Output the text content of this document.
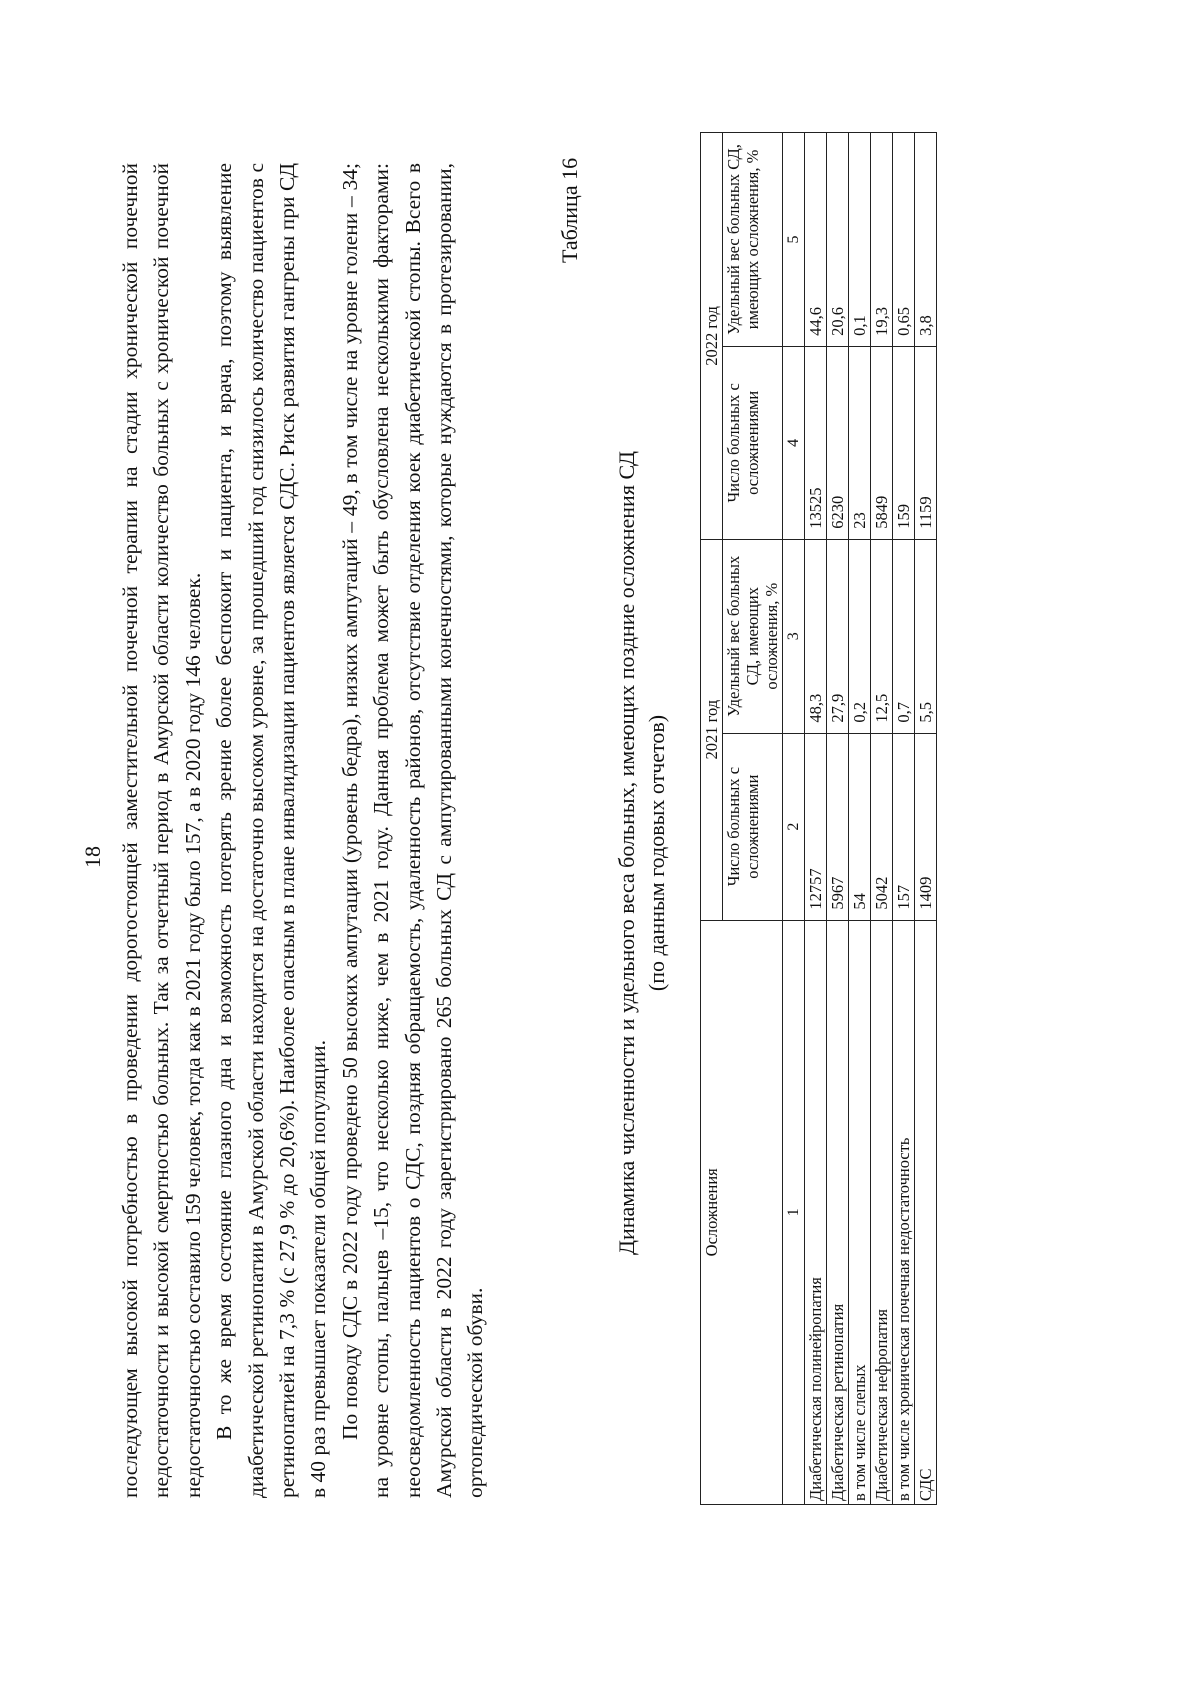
18 последующем высокой потребностью в проведении дорогостоящей заместительной почечной терапии на стадии хронической почечной недостаточности и высокой смертностью больных. Так за отчетный период в Амурской области количество больных с хронической почечной недостаточностью составило 159 человек, тогда как в 2021 году было 157, а в 2020 году 146 человек. В то же время состояние глазного дна и возможность потерять зрение более беспокоит и пациента, и врача, поэтому выявление диабетической ретинопатии в Амурской области находится на достаточно высоком уровне, за прошедший год снизилось количество пациентов с ретинопатией на 7,3 % (с 27,9 % до 20,6%). Наиболее опасным в плане инвалидизации пациентов является СДС. Риск развития гангрены при СД в 40 раз превышает показатели общей популяции. По поводу СДС в 2022 году проведено 50 высоких ампутации (уровень бедра), низких ампутаций – 49, в том числе на уровне голени – 34; на уровне стопы, пальцев –15, что несколько ниже, чем в 2021 году. Данная проблема может быть обусловлена несколькими факторами: неосведомленность пациентов о СДС, поздняя обращаемость, удаленность районов, отсутствие отделения коек диабетической стопы. Всего в Амурской области в 2022 году зарегистрировано 265 больных СД с ампутированными конечностями, которые нуждаются в протезировании, ортопедической обуви.

Таблица 16
Динамика численности и удельного веса больных, имеющих поздние осложнения СД (по данным годовых отчетов)
Осложнения	2021 год		2022 год	
	Число больных с осложнениями	Удельный вес больных СД, имеющих осложнения, %	Число больных с осложнениями	Удельный вес больных СД, имеющих осложнения, %
1	2	3	4	5
Диабетическая полинейропатия	12757	48,3	13525	44,6
Диабетическая ретинопатия	5967	27,9	6230	20,6
в том числе слепых	54	0,2	23	0,1
Диабетическая нефропатия	5042	12,5	5849	19,3
в том числе хроническая почечная недостаточность	157	0,7	159	0,65
СДС	1409	5,5	1159	3,8
